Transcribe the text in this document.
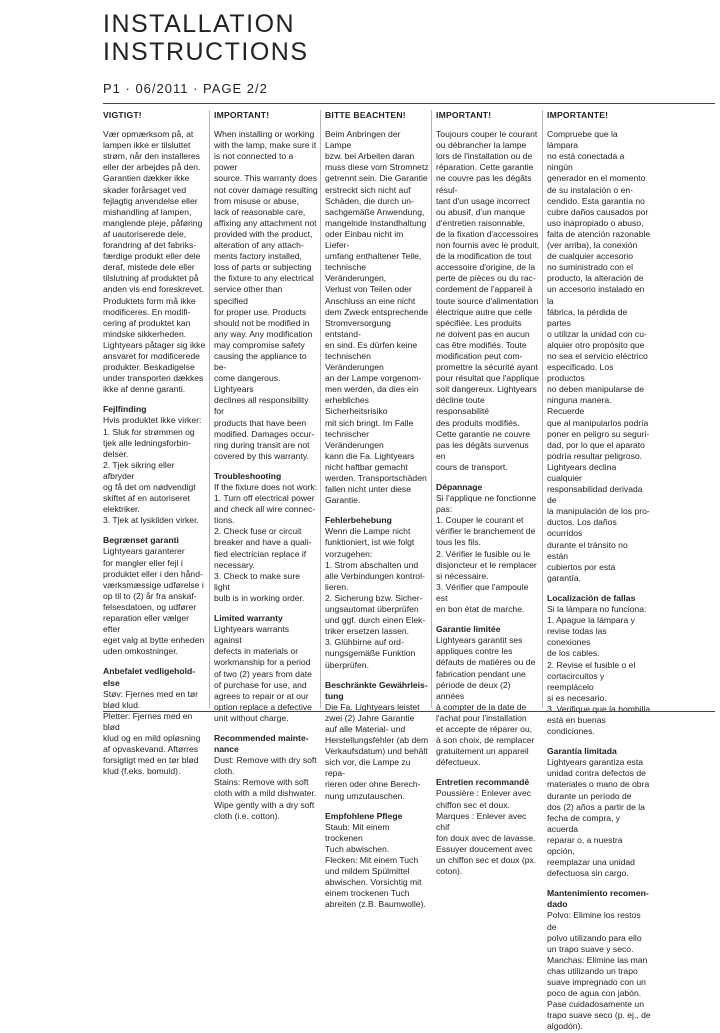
INSTALLATION
INSTRUCTIONS
P1 · 06/2011 · PAGE 2/2
VIGTIGT!

Vær opmærksom på, at
lampen ikke er tilsluttet
strøm, når den installeres
eller der arbejdes på den.
Garantien dækker ikke
skader forårsaget ved
fejlagtig anvendelse eller
mishandling af lampen,
manglende pleje, påføring
af uautoriserede dele,
forandring af det fabriks-
færdige produkt eller dele
deraf, mistede dele eller
tilslutning af produktet på
anden vis end foreskrevet.
Produktets form må ikke
modificeres. En modifi-
cering af produktet kan
mindske sikkerheden.
Lightyears påtager sig ikke
ansvaret for modificerede
produkter. Beskadigelse
under transporten dækkes
ikke af denne garanti.

Fejlfinding

Hvis produktet ikke virker:
1. Sluk for strømmen og
tjek alle ledningsforbin-
delser.
2. Tjek sikring eller afbryder
og få det om nødvendigt
skiftet af en autoriseret
elektriker.
3. Tjek at lyskilden virker.

Begrænset garanti

Lightyears garanterer
for mangler eller fejl i
produktet eller i den hånd-
værksmæssige udførelse i
op til to (2) år fra anskaf-
felsesdatoen, og udfører
reparation eller vælger efter
eget valg at bytte enheden
uden omkostninger.

Anbefalet vedligehold-
else

Støv: Fjernes med en tør
blød klud.
Pletter: Fjernes med en blød
klud og en mild opløsning
af opvaskevand. Aftørres
forsigtigt med en tør blød
klud (f.eks. bomuld).

IMPORTANT!

When installing or working
with the lamp, make sure it
is not connected to a power
source. This warranty does
not cover damage resulting
from misuse or abuse,
lack of reasonable care,
affixing any attachment not
provided with the product,
alteration of any attach-
ments factory installed,
loss of parts or subjecting
the fixture to any electrical
service other than specified
for proper use. Products
should not be modified in
any way. Any modification
may compromise safety
causing the appliance to be-
come dangerous. Lightyears
declines all responsibility for
products that have been
modified. Damages occur-
ring during transit are not
covered by this warranty.

Troubleshooting

If the fixture does not work:
1. Turn off electrical power
and check all wire connec-
tions.
2. Check fuse or circuit
breaker and have a quali-
fied electrician replace if
necessary.
3. Check to make sure light
bulb is in working order.

Limited warranty

Lightyears warrants against
defects in materials or
workmanship for a period
of two (2) years from date
of purchase for use, and
agrees to repair or at our
option replace a defective
unit without charge.

Recommended mainte-
nance

Dust: Remove with dry soft
cloth.
Stains: Remove with soft
cloth with a mild dishwater.
Wipe gently with a dry soft
cloth (i.e. cotton).

BITTE BEACHTEN!

Beim Anbringen der Lampe
bzw. bei Arbeiten daran
muss diese vom Stromnetz
getrennt sein. Die Garantie
erstreckt sich nicht auf
Schäden, die durch un-
sachgemäße Anwendung,
mangelnde Instandhaltung
oder Einbau nicht im Liefer-
umfang enthaltener Teile,
technische Veränderungen,
Verlust von Teilen oder
Anschluss an eine nicht
dem Zweck entsprechende
Stromversorgung entstand-
en sind. Es dürfen keine
technischen Veränderungen
an der Lampe vorgenom-
men werden, da dies ein
erhebliches Sicherheitsrisiko
mit sich bringt. Im Falle
technischer Veränderungen
kann die Fa. Lightyears
nicht haftbar gemacht
werden. Transportschäden
fallen nicht unter diese
Garantie.

Fehlerbehebung

Wenn die Lampe nicht
funktioniert, ist wie folgt
vorzugehen:
1. Strom abschalten und
alle Verbindungen kontrol-
lieren.
2. Sicherung bzw. Sicher-
ungsautomat überprüfen
und ggf. durch einen Elek-
triker ersetzen lassen.
3. Glühbirne auf ord-
nungsgemäße Funktion
überprüfen.

Beschränkte Gewährleis-
tung

Die Fa. Lightyears leistet
zwei (2) Jahre Garantie
auf alle Material- und
Herstellungsfehler (ab dem
Verkaufsdatum) und behält
sich vor, die Lampe zu repa-
rieren oder ohne Berech-
nung umzutauschen.

Empfohlene Pflege

Staub: Mit einem trockenen
Tuch abwischen.
Flecken: Mit einem Tuch
und mildem Spülmittel
abwischen. Vorsichtig mit
einem trockenen Tuch
abreiten (z.B. Baumwolle).

IMPORTANT!

Toujours couper le courant
ou débrancher la lampe
lors de l'installation ou de
réparation. Cette garantie
ne couvre pas les dégâts résul-
tant d'un usage incorrect
ou abusif, d'un manque
d'entretien raisonnable,
de la fixation d'accessoires
non fournis avec le produit,
de la modification de tout
accessoire d'origine, de la
perte de pièces ou du rac-
cordement de l'appareil à
toute source d'alimentation
électrique autre que celle
spécifiée. Les produits
ne doivent pas en aucun
cas être modifiés. Toute
modification peut com-
promettre la sécurité ayant
pour résultat que l'applique
soit dangereux. Lightyears
décline toute responsabilité
des produits modifiés.
Cette garantie ne couvre
pas les dégâts survenus en
cours de transport.

Dépannage

Si l'applique ne fonctionne
pas:
1. Couper le courant et
vérifier le branchement de
tous les fils.
2. Vérifier le fusible ou le
disjoncteur et le remplacer
si nécessaire.
3. Vérifier que l'ampoule est
en bon état de marche.

Garantie limitée

Lightyears garantit ses
appliques contre les
défauts de matières ou de
fabrication pendant une
période de deux (2) années
à compter de la date de
l'achat pour l'installation
et accepte de réparer ou,
à son choix, de remplacer
gratuitement un appareil
défectueux.

Entretien recommandé

Poussière : Enlever avec
chiffon sec et doux.
Marques : Enlever avec chif
fon doux avec de lavasse.
Essuyer doucement avec
un chiffon sec et doux (px.
coton).

IMPORTANTE!

Compruebe que la lámpara
no está conectada a ningún
generador en el momento
de su instalación o en-
cendido. Esta garantía no
cubre daños causados por
uso inapropiado o abuso,
falta de atención razonable
(ver arriba), la conexión
de cualquier accesorio
no suministrado con el
producto, la alteración de
un accesorio instalado en la
fábrica, la pérdida de partes
o utilizar la unidad con cu-
alquier otro propósito que
no sea el servicio eléctrico
especificado. Los productos
no deben manipularse de
ninguna manera. Recuerde
que al manipularlos podría
poner en peligro su seguri-
dad, por lo que el aparato
podría resultar peligroso.
Lightyears declina cualquier
responsabilidad derivada de
la manipulación de los pro-
ductos. Los daños ocurridos
durante el tránsito no están
cubiertos por esta garantía.

Localización de fallas

Si la lámpara no funciona:
1. Apague la lámpara y
revise todas las conexiones
de los cables.
2. Revise el fusible o el
cortacircuitos y reemplácelo
si es necesario.
3. Verifique que la bombilla
está en buenas condiciones.

Garantía limitada

Lightyears garantiza esta
unidad contra defectos de
materiales o mano de obra
durante un período de
dos (2) años a partir de la
fecha de compra, y acuerda
reparar o, a nuestra opción,
reemplazar una unidad
defectuosa sin cargo.

Mantenimiento recomen-
dado

Polvo: Elimine los restos de
polvo utilizando para ello
un trapo suave y seco.
Manchas: Elimine las man
chas utilizando un trapo
suave impregnado con un
poco de agua con jabón.
Pase cuidadosamente un
trapo suave seco (p. ej., de
algodón).
